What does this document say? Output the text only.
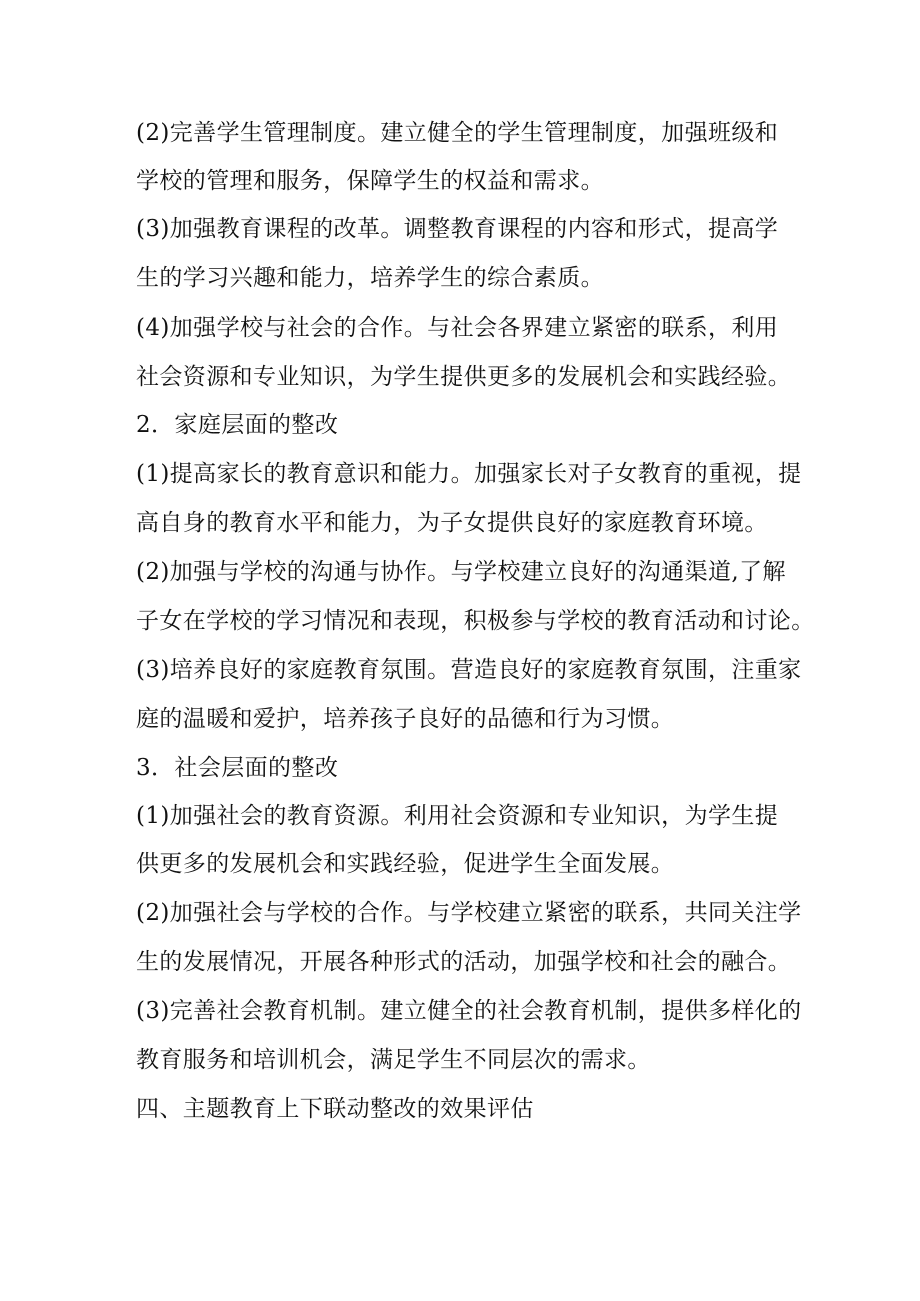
(2)完善学生管理制度。建立健全的学生管理制度，加强班级和
学校的管理和服务，保障学生的权益和需求。
(3)加强教育课程的改革。调整教育课程的内容和形式，提高学
生的学习兴趣和能力，培养学生的综合素质。
(4)加强学校与社会的合作。与社会各界建立紧密的联系，利用
社会资源和专业知识，为学生提供更多的发展机会和实践经验。
2．家庭层面的整改
(1)提高家长的教育意识和能力。加强家长对子女教育的重视，提
高自身的教育水平和能力，为子女提供良好的家庭教育环境。
(2)加强与学校的沟通与协作。与学校建立良好的沟通渠道,了解
子女在学校的学习情况和表现，积极参与学校的教育活动和讨论。
(3)培养良好的家庭教育氛围。营造良好的家庭教育氛围，注重家
庭的温暖和爱护，培养孩子良好的品德和行为习惯。
3．社会层面的整改
(1)加强社会的教育资源。利用社会资源和专业知识，为学生提
供更多的发展机会和实践经验，促进学生全面发展。
(2)加强社会与学校的合作。与学校建立紧密的联系，共同关注学
生的发展情况，开展各种形式的活动，加强学校和社会的融合。
(3)完善社会教育机制。建立健全的社会教育机制，提供多样化的
教育服务和培训机会，满足学生不同层次的需求。
四、主题教育上下联动整改的效果评估
